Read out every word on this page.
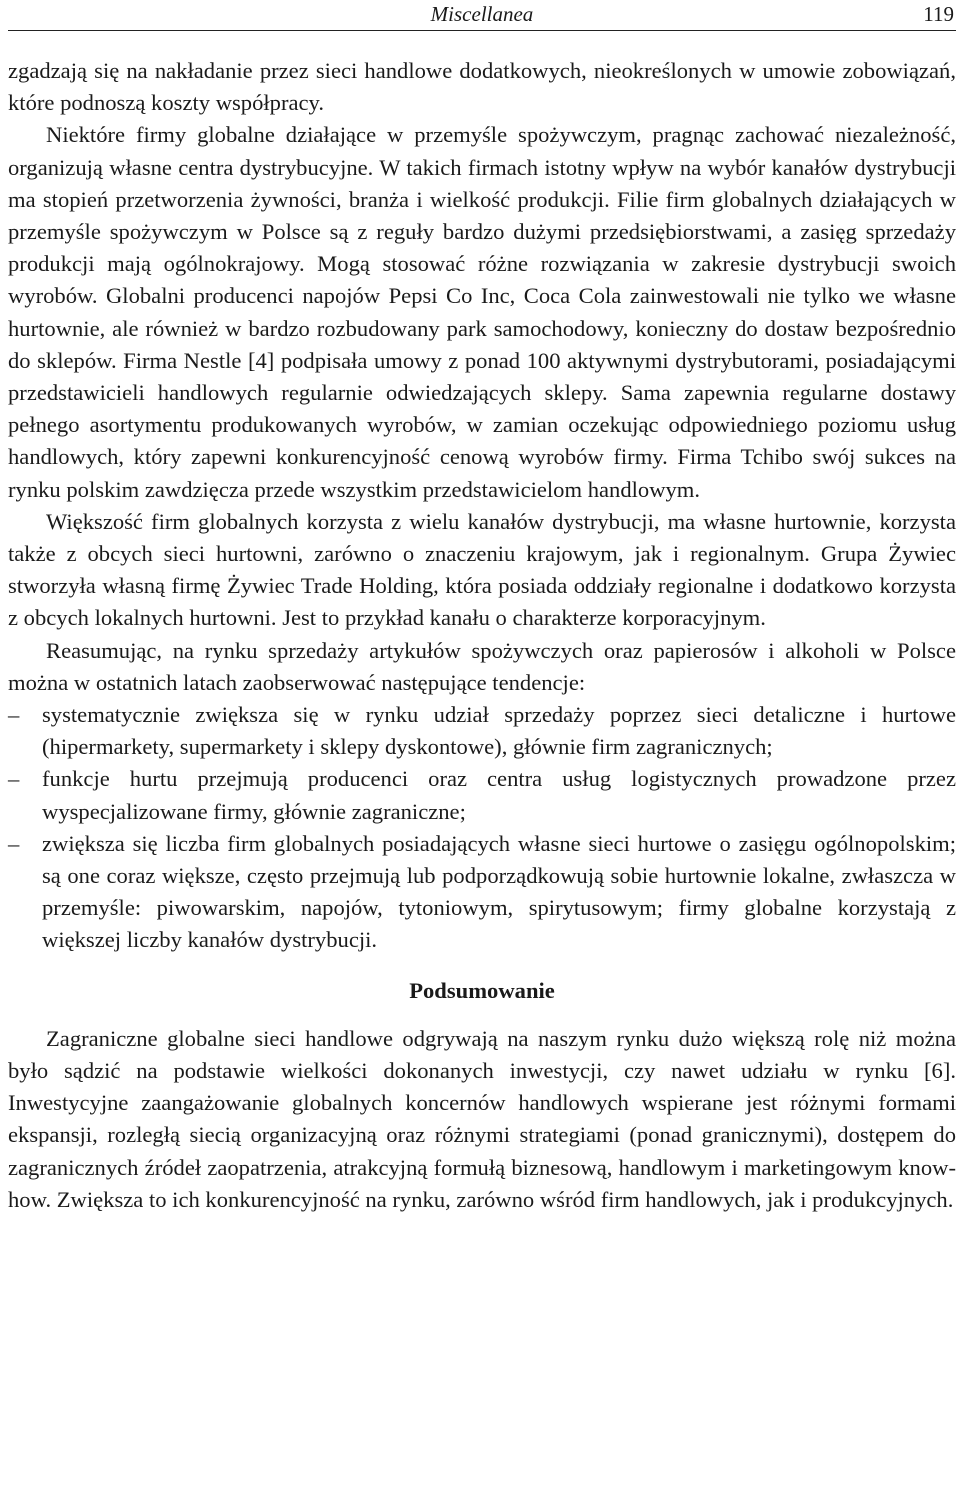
Miscellanea	119

zgadzają się na nakładanie przez sieci handlowe dodatkowych, nieokreślonych w umowie zobowiązań, które podnoszą koszty współpracy.

Niektóre firmy globalne działające w przemyśle spożywczym, pragnąc zachować niezależność, organizują własne centra dystrybucyjne. W takich firmach istotny wpływ na wybór kanałów dystrybucji ma stopień przetworzenia żywności, branża i wielkość produkcji. Filie firm globalnych działających w przemyśle spożywczym w Polsce są z reguły bardzo dużymi przedsiębiorstwami, a zasięg sprzedaży produkcji mają ogólnokrajowy. Mogą stosować różne rozwiązania w zakresie dystrybucji swoich wyrobów. Globalni producenci napojów Pepsi Co Inc, Coca Cola zainwestowali nie tylko we własne hurtownie, ale również w bardzo rozbudowany park samochodowy, konieczny do dostaw bezpośrednio do sklepów. Firma Nestle [4] podpisała umowy z ponad 100 aktywnymi dystrybutorami, posiadającymi przedstawicieli handlowych regularnie odwiedzających sklepy. Sama zapewnia regularne dostawy pełnego asortymentu produkowanych wyrobów, w zamian oczekując odpowiedniego poziomu usług handlowych, który zapewni konkurencyjność cenową wyrobów firmy. Firma Tchibo swój sukces na rynku polskim zawdzięcza przede wszystkim przedstawicielom handlowym.

Większość firm globalnych korzysta z wielu kanałów dystrybucji, ma własne hurtownie, korzysta także z obcych sieci hurtowni, zarówno o znaczeniu krajowym, jak i regionalnym. Grupa Żywiec stworzyła własną firmę Żywiec Trade Holding, która posiada oddziały regionalne i dodatkowo korzysta z obcych lokalnych hurtowni. Jest to przykład kanału o charakterze korporacyjnym.

Reasumując, na rynku sprzedaży artykułów spożywczych oraz papierosów i alkoholi w Polsce można w ostatnich latach zaobserwować następujące tendencje:

– systematycznie zwiększa się w rynku udział sprzedaży poprzez sieci detaliczne i hurtowe (hipermarkety, supermarkety i sklepy dyskontowe), głównie firm zagranicznych;
– funkcje hurtu przejmują producenci oraz centra usług logistycznych prowadzone przez wyspecjalizowane firmy, głównie zagraniczne;
– zwiększa się liczba firm globalnych posiadających własne sieci hurtowe o zasięgu ogólnopolskim; są one coraz większe, często przejmują lub podporządkowują sobie hurtownie lokalne, zwłaszcza w przemyśle: piwowarskim, napojów, tytoniowym, spirytusowym; firmy globalne korzystają z większej liczby kanałów dystrybucji.
Podsumowanie

Zagraniczne globalne sieci handlowe odgrywają na naszym rynku dużo większą rolę niż można było sądzić na podstawie wielkości dokonanych inwestycji, czy nawet udziału w rynku [6]. Inwestycyjne zaangażowanie globalnych koncernów handlowych wspierane jest różnymi formami ekspansji, rozległą siecią organizacyjną oraz różnymi strategiami (ponad granicznymi), dostępem do zagranicznych źródeł zaopatrzenia, atrakcyjną formułą biznesową, handlowym i marketingowym know-how. Zwiększa to ich konkurencyjność na rynku, zarówno wśród firm handlowych, jak i produkcyjnych.
